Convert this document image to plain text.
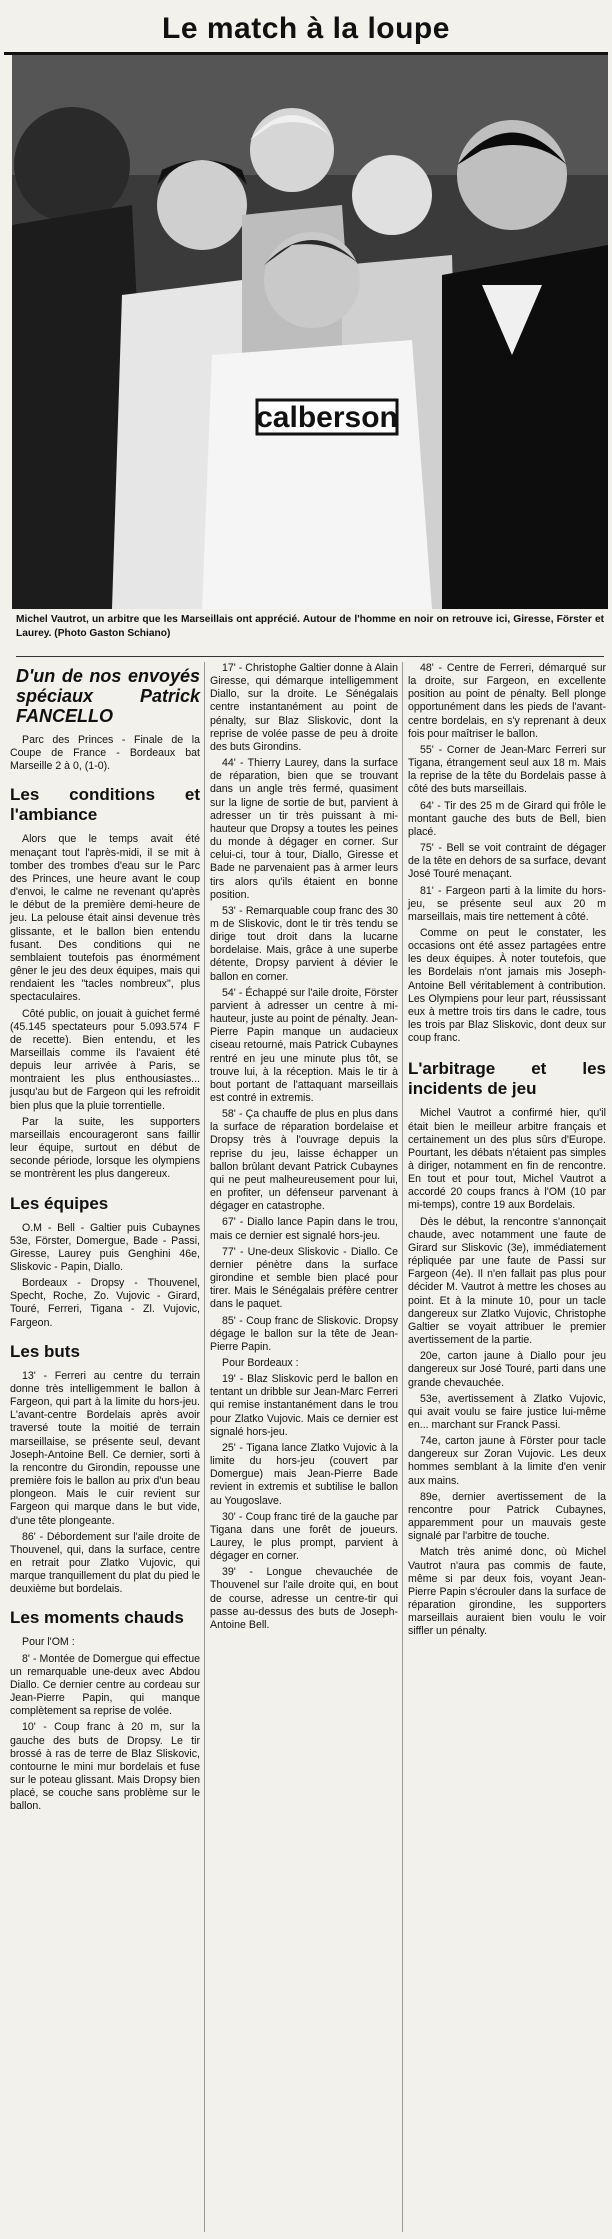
Le match à la loupe
calberson
Michel Vautrot, un arbitre que les Marseillais ont apprécié. Autour de l'homme en noir on retrouve ici, Giresse, Förster et Laurey. (Photo Gaston Schiano)
D'un de nos envoyés spéciaux Patrick FANCELLO

Parc des Princes - Finale de la Coupe de France - Bordeaux bat Marseille 2 à 0, (1-0).

Les conditions et l'ambiance

Alors que le temps avait été menaçant tout l'après-midi, il se mit à tomber des trombes d'eau sur le Parc des Princes, une heure avant le coup d'envoi, le calme ne revenant qu'après le début de la première demi-heure de jeu. La pelouse était ainsi devenue très glissante, et le ballon bien entendu fusant. Des conditions qui ne semblaient toutefois pas énormément gêner le jeu des deux équipes, mais qui rendaient les "tacles nombreux", plus spectaculaires.

Côté public, on jouait à guichet fermé (45.145 spectateurs pour 5.093.574 F de recette). Bien entendu, et les Marseillais comme ils l'avaient été depuis leur arrivée à Paris, se montraient les plus enthousiastes... jusqu'au but de Fargeon qui les refroidit bien plus que la pluie torrentielle.

Par la suite, les supporters marseillais encourageront sans faillir leur équipe, surtout en début de seconde période, lorsque les olympiens se montrèrent les plus dangereux.

Les équipes

O.M - Bell - Galtier puis Cubaynes 53e, Förster, Domergue, Bade - Passi, Giresse, Laurey puis Genghini 46e, Sliskovic - Papin, Diallo.

Bordeaux - Dropsy - Thouvenel, Specht, Roche, Zo. Vujovic - Girard, Touré, Ferreri, Tigana - Zl. Vujovic, Fargeon.

Les buts

13' - Ferreri au centre du terrain donne très intelligemment le ballon à Fargeon, qui part à la limite du hors-jeu. L'avant-centre Bordelais après avoir traversé toute la moitié de terrain marseillaise, se présente seul, devant Joseph-Antoine Bell. Ce dernier, sorti à la rencontre du Girondin, repousse une première fois le ballon au prix d'un beau plongeon. Mais le cuir revient sur Fargeon qui marque dans le but vide, d'une tête plongeante.

86' - Débordement sur l'aile droite de Thouvenel, qui, dans la surface, centre en retrait pour Zlatko Vujovic, qui marque tranquillement du plat du pied le deuxième but bordelais.

Les moments chauds

Pour l'OM :

8' - Montée de Domergue qui effectue un remarquable une-deux avec Abdou Diallo. Ce dernier centre au cordeau sur Jean-Pierre Papin, qui manque complètement sa reprise de volée.

10' - Coup franc à 20 m, sur la gauche des buts de Dropsy. Le tir brossé à ras de terre de Blaz Sliskovic, contourne le mini mur bordelais et fuse sur le poteau glissant. Mais Dropsy bien placé, se couche sans problème sur le ballon.

17' - Christophe Galtier donne à Alain Giresse, qui démarque intelligemment Diallo, sur la droite. Le Sénégalais centre instantanément au point de pénalty, sur Blaz Sliskovic, dont la reprise de volée passe de peu à droite des buts Girondins.

44' - Thierry Laurey, dans la surface de réparation, bien que se trouvant dans un angle très fermé, quasiment sur la ligne de sortie de but, parvient à adresser un tir très puissant à mi-hauteur que Dropsy a toutes les peines du monde à dégager en corner. Sur celui-ci, tour à tour, Diallo, Giresse et Bade ne parvenaient pas à armer leurs tirs alors qu'ils étaient en bonne position.

53' - Remarquable coup franc des 30 m de Sliskovic, dont le tir très tendu se dirige tout droit dans la lucarne bordelaise. Mais, grâce à une superbe détente, Dropsy parvient à dévier le ballon en corner.

54' - Échappé sur l'aile droite, Förster parvient à adresser un centre à mi-hauteur, juste au point de pénalty. Jean-Pierre Papin manque un audacieux ciseau retourné, mais Patrick Cubaynes rentré en jeu une minute plus tôt, se trouve lui, à la réception. Mais le tir à bout portant de l'attaquant marseillais est contré in extremis.

58' - Ça chauffe de plus en plus dans la surface de réparation bordelaise et Dropsy très à l'ouvrage depuis la reprise du jeu, laisse échapper un ballon brûlant devant Patrick Cubaynes qui ne peut malheureusement pour lui, en profiter, un défenseur parvenant à dégager en catastrophe.

67' - Diallo lance Papin dans le trou, mais ce dernier est signalé hors-jeu.

77' - Une-deux Sliskovic - Diallo. Ce dernier pénètre dans la surface girondine et semble bien placé pour tirer. Mais le Sénégalais préfère centrer dans le paquet.

85' - Coup franc de Sliskovic. Dropsy dégage le ballon sur la tête de Jean-Pierre Papin.

Pour Bordeaux :

19' - Blaz Sliskovic perd le ballon en tentant un dribble sur Jean-Marc Ferreri qui remise instantanément dans le trou pour Zlatko Vujovic. Mais ce dernier est signalé hors-jeu.

25' - Tigana lance Zlatko Vujovic à la limite du hors-jeu (couvert par Domergue) mais Jean-Pierre Bade revient in extremis et subtilise le ballon au Yougoslave.

30' - Coup franc tiré de la gauche par Tigana dans une forêt de joueurs. Laurey, le plus prompt, parvient à dégager en corner.

39' - Longue chevauchée de Thouvenel sur l'aile droite qui, en bout de course, adresse un centre-tir qui passe au-dessus des buts de Joseph-Antoine Bell.

48' - Centre de Ferreri, démarqué sur la droite, sur Fargeon, en excellente position au point de pénalty. Bell plonge opportunément dans les pieds de l'avant-centre bordelais, en s'y reprenant à deux fois pour maîtriser le ballon.

55' - Corner de Jean-Marc Ferreri sur Tigana, étrangement seul aux 18 m. Mais la reprise de la tête du Bordelais passe à côté des buts marseillais.

64' - Tir des 25 m de Girard qui frôle le montant gauche des buts de Bell, bien placé.

75' - Bell se voit contraint de dégager de la tête en dehors de sa surface, devant José Touré menaçant.

81' - Fargeon parti à la limite du hors-jeu, se présente seul aux 20 m marseillais, mais tire nettement à côté.

Comme on peut le constater, les occasions ont été assez partagées entre les deux équipes. À noter toutefois, que les Bordelais n'ont jamais mis Joseph-Antoine Bell véritablement à contribution. Les Olympiens pour leur part, réussissant eux à mettre trois tirs dans le cadre, tous les trois par Blaz Sliskovic, dont deux sur coup franc.

L'arbitrage et les incidents de jeu

Michel Vautrot a confirmé hier, qu'il était bien le meilleur arbitre français et certainement un des plus sûrs d'Europe. Pourtant, les débats n'étaient pas simples à diriger, notamment en fin de rencontre. En tout et pour tout, Michel Vautrot a accordé 20 coups francs à l'OM (10 par mi-temps), contre 19 aux Bordelais.

Dès le début, la rencontre s'annonçait chaude, avec notamment une faute de Girard sur Sliskovic (3e), immédiatement répliquée par une faute de Passi sur Fargeon (4e). Il n'en fallait pas plus pour décider M. Vautrot à mettre les choses au point. Et à la minute 10, pour un tacle dangereux sur Zlatko Vujovic, Christophe Galtier se voyait attribuer le premier avertissement de la partie.

20e, carton jaune à Diallo pour jeu dangereux sur José Touré, parti dans une grande chevauchée.

53e, avertissement à Zlatko Vujovic, qui avait voulu se faire justice lui-même en... marchant sur Franck Passi.

74e, carton jaune à Förster pour tacle dangereux sur Zoran Vujovic. Les deux hommes semblant à la limite d'en venir aux mains.

89e, dernier avertissement de la rencontre pour Patrick Cubaynes, apparemment pour un mauvais geste signalé par l'arbitre de touche.

Match très animé donc, où Michel Vautrot n'aura pas commis de faute, même si par deux fois, voyant Jean-Pierre Papin s'écrouler dans la surface de réparation girondine, les supporters marseillais auraient bien voulu le voir siffler un pénalty.
